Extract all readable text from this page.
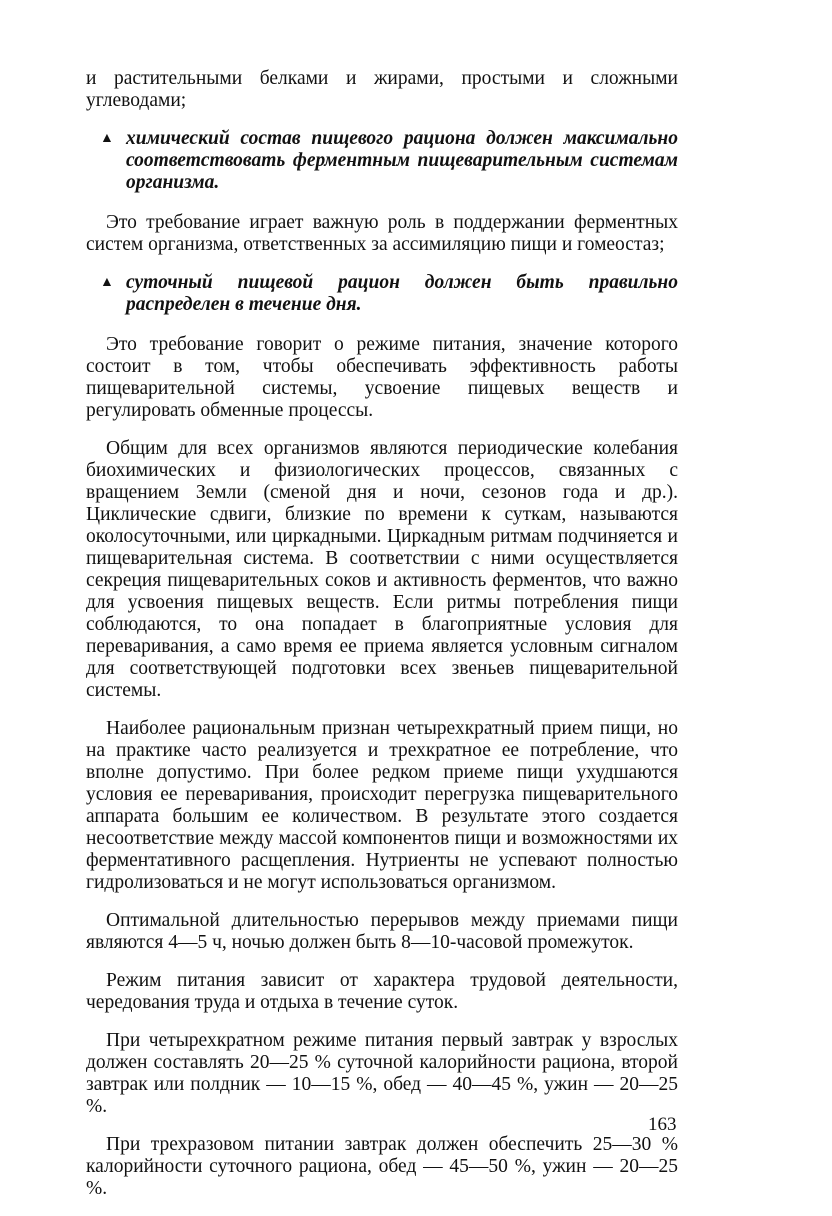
и растительными белками и жирами, простыми и сложными углеводами;

▲ химический состав пищевого рациона должен максимально соответствовать ферментным пищеварительным системам организма.

Это требование играет важную роль в поддержании ферментных систем организма, ответственных за ассимиляцию пищи и гомеостаз;

▲ суточный пищевой рацион должен быть правильно распределен в течение дня.

Это требование говорит о режиме питания, значение которого состоит в том, чтобы обеспечивать эффективность работы пищеварительной системы, усвоение пищевых веществ и регулировать обменные процессы.

Общим для всех организмов являются периодические колебания биохимических и физиологических процессов, связанных с вращением Земли (сменой дня и ночи, сезонов года и др.). Циклические сдвиги, близкие по времени к суткам, называются околосуточными, или циркадными. Циркадным ритмам подчиняется и пищеварительная система. В соответствии с ними осуществляется секреция пищеварительных соков и активность ферментов, что важно для усвоения пищевых веществ. Если ритмы потребления пищи соблюдаются, то она попадает в благоприятные условия для переваривания, а само время ее приема является условным сигналом для соответствующей подготовки всех звеньев пищеварительной системы.

Наиболее рациональным признан четырехкратный прием пищи, но на практике часто реализуется и трехкратное ее потребление, что вполне допустимо. При более редком приеме пищи ухудшаются условия ее переваривания, происходит перегрузка пищеварительного аппарата большим ее количеством. В результате этого создается несоответствие между массой компонентов пищи и возможностями их ферментативного расщепления. Нутриенты не успевают полностью гидролизоваться и не могут использоваться организмом.

Оптимальной длительностью перерывов между приемами пищи являются 4—5 ч, ночью должен быть 8—10-часовой промежуток.

Режим питания зависит от характера трудовой деятельности, чередования труда и отдыха в течение суток.

При четырехкратном режиме питания первый завтрак у взрослых должен составлять 20—25 % суточной калорийности рациона, второй завтрак или полдник — 10—15 %, обед — 40—45 %, ужин — 20—25 %.

При трехразовом питании завтрак должен обеспечить 25—30 % калорийности суточного рациона, обед — 45—50 %, ужин — 20—25 %.

163
